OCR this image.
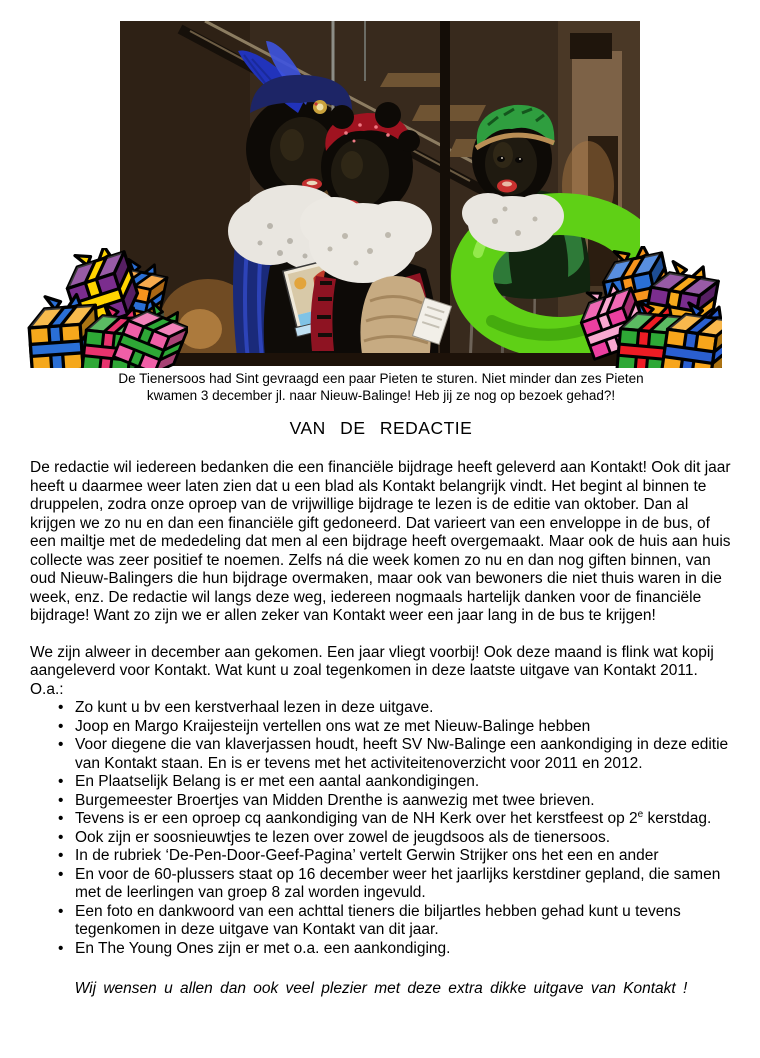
De Tienersoos had Sint gevraagd een paar Pieten te sturen. Niet minder dan zes Pieten
kwamen 3 december jl. naar Nieuw-Balinge! Heb jij ze nog op bezoek gehad?!
VAN DE REDACTIE

De redactie wil iedereen bedanken die een financiële bijdrage heeft geleverd aan Kontakt! Ook dit jaar heeft u daarmee weer laten zien dat u een blad als Kontakt belangrijk vindt. Het begint al binnen te druppelen, zodra onze oproep van de vrijwillige bijdrage te lezen is de editie van oktober. Dan al krijgen we zo nu en dan een financiële gift gedoneerd. Dat varieert van een enveloppe in de bus, of een mailtje met de mededeling dat men al een bijdrage heeft overgemaakt. Maar ook de huis aan huis collecte was zeer positief te noemen. Zelfs ná die week komen zo nu en dan nog giften binnen, van oud Nieuw-Balingers die hun bijdrage overmaken, maar ook van bewoners die niet thuis waren in die week, enz. De redactie wil langs deze weg, iedereen nogmaals hartelijk danken voor de financiële bijdrage! Want zo zijn we er allen zeker van Kontakt weer een jaar lang in de bus te krijgen!

We zijn alweer in december aan gekomen. Een jaar vliegt voorbij! Ook deze maand is flink wat kopij aangeleverd voor Kontakt. Wat kunt u zoal tegenkomen in deze laatste uitgave van Kontakt 2011. O.a.:

• Zo kunt u bv een kerstverhaal lezen in deze uitgave.
• Joop en Margo Kraijesteijn vertellen ons wat ze met Nieuw-Balinge hebben
• Voor diegene die van klaverjassen houdt, heeft SV Nw-Balinge een aankondiging in deze editie van Kontakt staan. En is er tevens met het activiteitenoverzicht voor 2011 en 2012.
• En Plaatselijk Belang is er met een aantal aankondigingen.
• Burgemeester Broertjes van Midden Drenthe is aanwezig met twee brieven.
• Tevens is er een oproep cq aankondiging van de NH Kerk over het kerstfeest op 2e kerstdag.
• Ook zijn er soosnieuwtjes te lezen over zowel de jeugdsoos als de tienersoos.
• In de rubriek ‘De-Pen-Door-Geef-Pagina’ vertelt Gerwin Strijker ons het een en ander
• En voor de 60-plussers staat op 16 december weer het jaarlijks kerstdiner gepland, die samen met de leerlingen van groep 8 zal worden ingevuld.
• Een foto en dankwoord van een achttal tieners die biljartles hebben gehad kunt u tevens tegenkomen in deze uitgave van Kontakt van dit jaar.
• En The Young Ones zijn er met o.a. een aankondiging.

Wij wensen u allen dan ook veel plezier met deze extra dikke uitgave van Kontakt !
